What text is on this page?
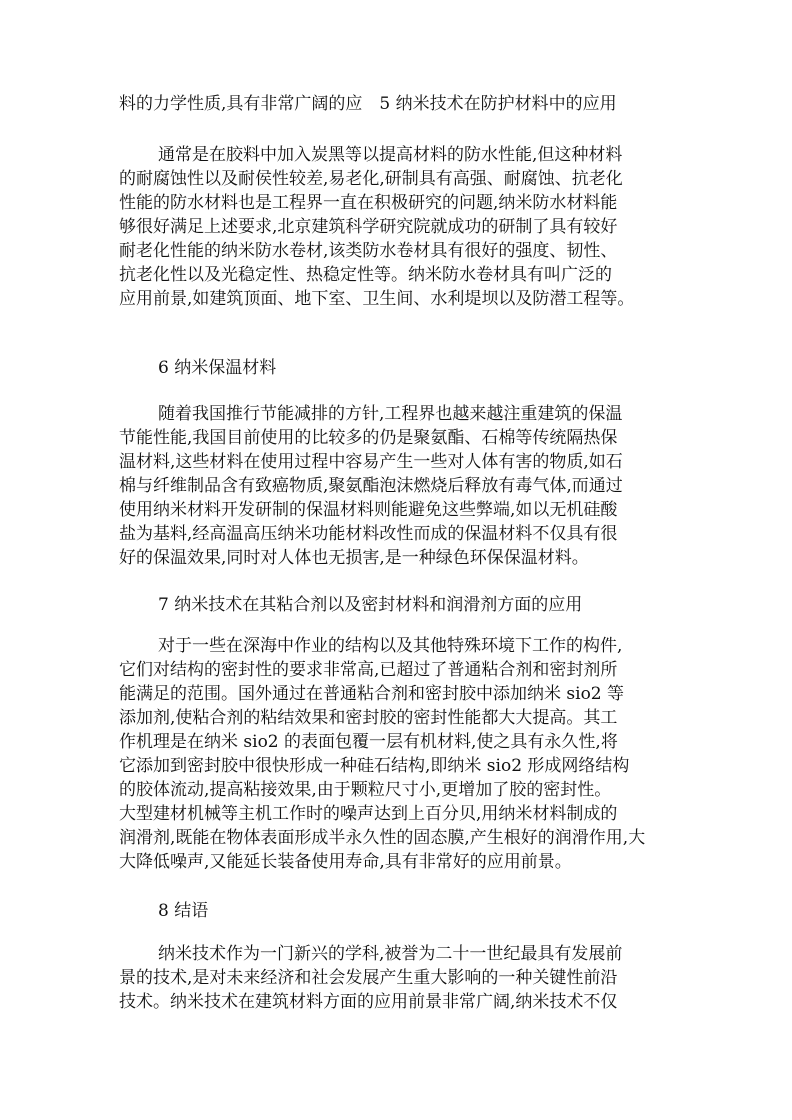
料的力学性质,具有非常广阔的应　5 纳米技术在防护材料中的应用
通常是在胶料中加入炭黑等以提高材料的防水性能,但这种材料
的耐腐蚀性以及耐侯性较差,易老化,研制具有高强、耐腐蚀、抗老化
性能的防水材料也是工程界一直在积极研究的问题,纳米防水材料能
够很好满足上述要求,北京建筑科学研究院就成功的研制了具有较好
耐老化性能的纳米防水卷材,该类防水卷材具有很好的强度、韧性、
抗老化性以及光稳定性、热稳定性等。纳米防水卷材具有叫广泛的
应用前景,如建筑顶面、地下室、卫生间、水利堤坝以及防潜工程等。
6 纳米保温材料
随着我国推行节能减排的方针,工程界也越来越注重建筑的保温
节能性能,我国目前使用的比较多的仍是聚氨酯、石棉等传统隔热保
温材料,这些材料在使用过程中容易产生一些对人体有害的物质,如石
棉与纤维制品含有致癌物质,聚氨酯泡沫燃烧后释放有毒气体,而通过
使用纳米材料开发研制的保温材料则能避免这些弊端,如以无机硅酸
盐为基料,经高温高压纳米功能材料改性而成的保温材料不仅具有很
好的保温效果,同时对人体也无损害,是一种绿色环保保温材料。
7 纳米技术在其粘合剂以及密封材料和润滑剂方面的应用
对于一些在深海中作业的结构以及其他特殊环境下工作的构件,
它们对结构的密封性的要求非常高,已超过了普通粘合剂和密封剂所
能满足的范围。国外通过在普通粘合剂和密封胶中添加纳米 sio2 等
添加剂,使粘合剂的粘结效果和密封胶的密封性能都大大提高。其工
作机理是在纳米 sio2 的表面包覆一层有机材料,使之具有永久性,将
它添加到密封胶中很快形成一种硅石结构,即纳米 sio2 形成网络结构
的胶体流动,提高粘接效果,由于颗粒尺寸小,更增加了胶的密封性。
大型建材机械等主机工作时的噪声达到上百分贝,用纳米材料制成的
润滑剂,既能在物体表面形成半永久性的固态膜,产生根好的润滑作用,大
大降低噪声,又能延长装备使用寿命,具有非常好的应用前景。
8 结语
纳米技术作为一门新兴的学科,被誉为二十一世纪最具有发展前
景的技术,是对未来经济和社会发展产生重大影响的一种关键性前沿
技术。纳米技术在建筑材料方面的应用前景非常广阔,纳米技术不仅
